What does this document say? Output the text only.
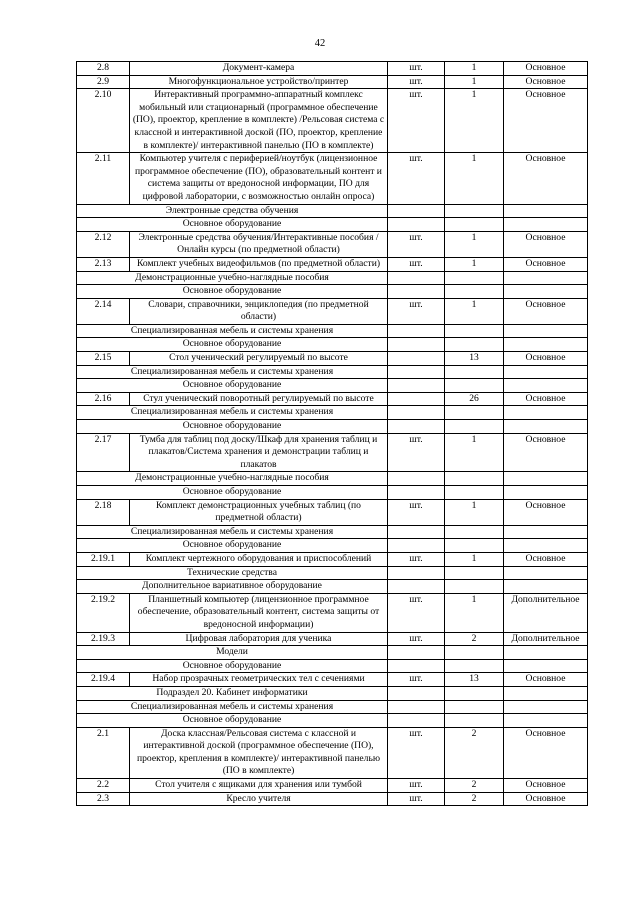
42
2.8	Документ-камера	шт.	1	Основное
2.9	Многофункциональное устройство/принтер	шт.	1	Основное
2.10	Интерактивный программно-аппаратный комплекс мобильный или стационарный (программное обеспечение (ПО), проектор, крепление в комплекте) /Рельсовая система с классной и интерактивной доской (ПО, проектор, крепление в комплекте)/ интерактивной панелью (ПО в комплекте)	шт.	1	Основное
2.11	Компьютер учителя с периферией/ноутбук (лицензионное программное обеспечение (ПО), образовательный контент и система защиты от вредоносной информации, ПО для цифровой лаборатории, с возможностью онлайн опроса)	шт.	1	Основное
Электронные средства обучения				
Основное оборудование				
2.12	Электронные средства обучения/Интерактивные пособия / Онлайн курсы (по предметной области)	шт.	1	Основное
2.13	Комплект учебных видеофильмов (по предметной области)	шт.	1	Основное
Демонстрационные учебно-наглядные пособия				
Основное оборудование				
2.14	Словари, справочники, энциклопедия (по предметной области)	шт.	1	Основное
Специализированная мебель и системы хранения				
Основное оборудование				
2.15	Стол ученический регулируемый по высоте		13	Основное
Специализированная мебель и системы хранения				
Основное оборудование				
2.16	Стул ученический поворотный регулируемый по высоте		26	Основное
Специализированная мебель и системы хранения				
Основное оборудование				
2.17	Тумба для таблиц под доску/Шкаф для хранения таблиц и плакатов/Система хранения и демонстрации таблиц и плакатов	шт.	1	Основное
Демонстрационные учебно-наглядные пособия				
Основное оборудование				
2.18	Комплект демонстрационных учебных таблиц (по предметной области)	шт.	1	Основное
Специализированная мебель и системы хранения				
Основное оборудование				
2.19.1	Комплект чертежного оборудования и приспособлений	шт.	1	Основное
Технические средства				
Дополнительное вариативное оборудование				
2.19.2	Планшетный компьютер (лицензионное программное обеспечение, образовательный контент, система защиты от вредоносной информации)	шт.	1	Дополнительное
2.19.3	Цифровая лаборатория для ученика	шт.	2	Дополнительное
Модели				
Основное оборудование				
2.19.4	Набор прозрачных геометрических тел с сечениями	шт.	13	Основное
Подраздел 20. Кабинет информатики				
Специализированная мебель и системы хранения				
Основное оборудование				
2.1	Доска классная/Рельсовая система с классной и интерактивной доской (программное обеспечение (ПО), проектор, крепления в комплекте)/ интерактивной панелью (ПО в комплекте)	шт.	2	Основное
2.2	Стол учителя с ящиками для хранения или тумбой	шт.	2	Основное
2.3	Кресло учителя	шт.	2	Основное
